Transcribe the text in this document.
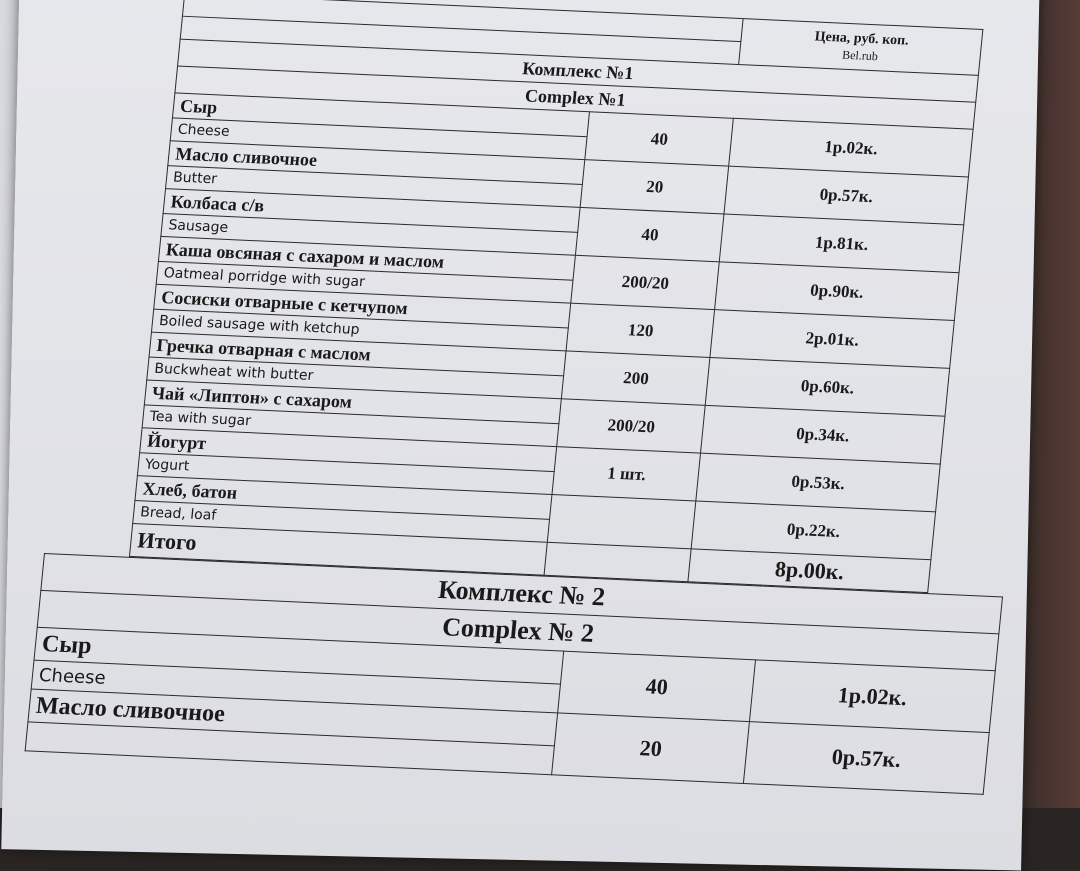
		Цена, руб. коп.
Bel.rub

Комплекс №1		
Complex №1		
Сыр	40	1р.02к.
Cheese		
Масло сливочное	20	0р.57к.
Butter		
Колбаса с/в	40	1р.81к.
Sausage		
Каша овсяная с сахаром и маслом	200/20	0р.90к.
Oatmeal porridge with sugar		
Сосиски отварные с кетчупом	120	2р.01к.
Boiled sausage with ketchup		
Гречка отварная с маслом	200	0р.60к.
Buckwheat with butter		
Чай «Липтон» с сахаром	200/20	0р.34к.
Tea with sugar		
Йогурт	1 шт.	0р.53к.
Yogurt		
Хлеб, батон		0р.22к.
Bread, loaf		
Итого		8р.00к.
Комплекс № 2		
Complex № 2		
Сыр	40	1р.02к.
Cheese		
Масло сливочное	20	0р.57к.
